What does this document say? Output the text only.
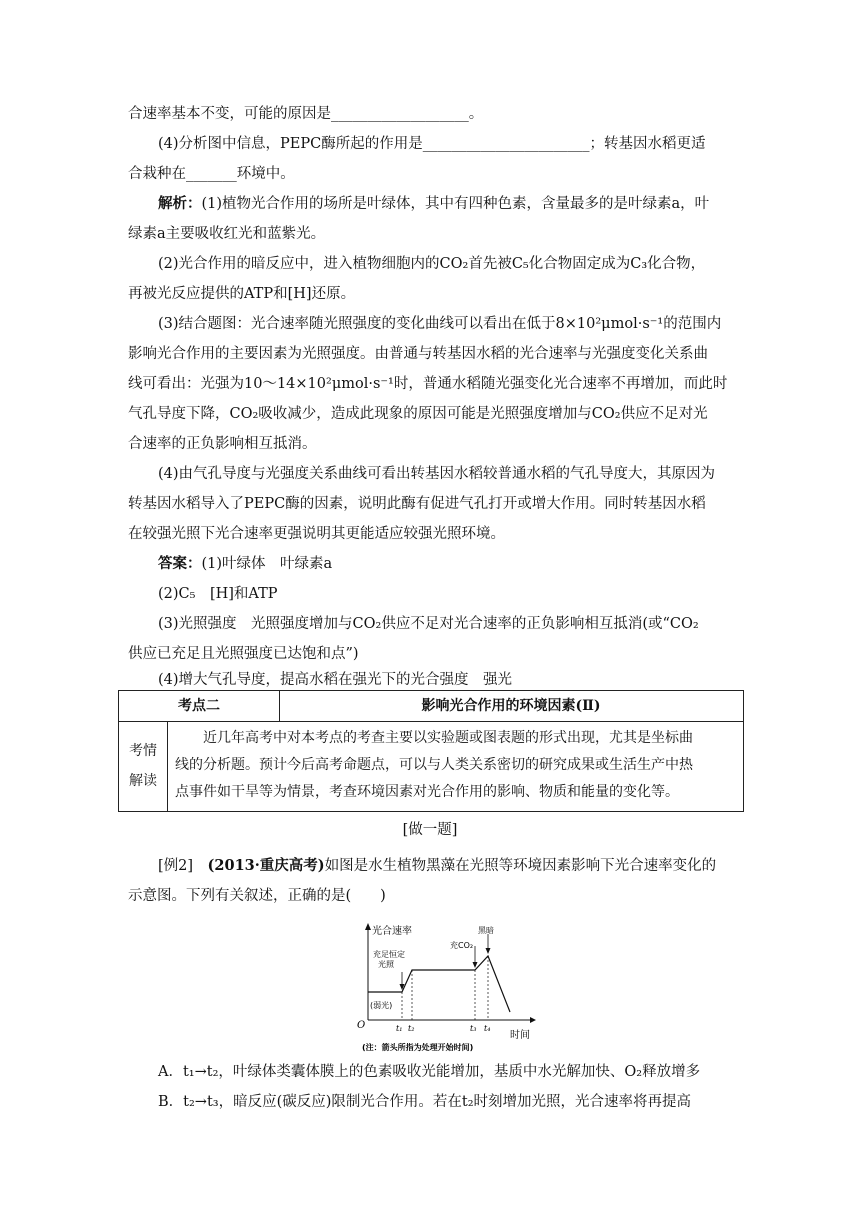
合速率基本不变，可能的原因是___________________。
(4)分析图中信息，PEPC酶所起的作用是_______________________；转基因水稻更适
合栽种在_______环境中。
解析：(1)植物光合作用的场所是叶绿体，其中有四种色素，含量最多的是叶绿素a，叶
绿素a主要吸收红光和蓝紫光。
(2)光合作用的暗反应中，进入植物细胞内的CO₂首先被C₅化合物固定成为C₃化合物，
再被光反应提供的ATP和[H]还原。
(3)结合题图：光合速率随光照强度的变化曲线可以看出在低于8×10²μmol·s⁻¹的范围内
影响光合作用的主要因素为光照强度。由普通与转基因水稻的光合速率与光强度变化关系曲
线可看出：光强为10～14×10²μmol·s⁻¹时，普通水稻随光强变化光合速率不再增加，而此时
气孔导度下降，CO₂吸收减少，造成此现象的原因可能是光照强度增加与CO₂供应不足对光
合速率的正负影响相互抵消。
(4)由气孔导度与光强度关系曲线可看出转基因水稻较普通水稻的气孔导度大，其原因为
转基因水稻导入了PEPC酶的因素，说明此酶有促进气孔打开或增大作用。同时转基因水稻
在较强光照下光合速率更强说明其更能适应较强光照环境。
答案：(1)叶绿体　叶绿素a
(2)C₅　[H]和ATP
(3)光照强度　光照强度增加与CO₂供应不足对光合速率的正负影响相互抵消(或“CO₂
供应已充足且光照强度已达饱和点”)
(4)增大气孔导度，提高水稻在强光下的光合强度　强光
考点二	影响光合作用的环境因素(Ⅱ)
考情
解读
近几年高考中对本考点的考查主要以实验题或图表题的形式出现，尤其是坐标曲
线的分析题。预计今后高考命题点，可以与人类关系密切的研究成果或生活生产中热
点事件如干旱等为情景，考查环境因素对光合作用的影响、物质和能量的变化等。
[做一题]
[例2]　 (2013·重庆高考)如图是水生植物黑藻在光照等环境因素影响下光合速率变化的
示意图。下列有关叙述，正确的是(　　)
光合速率
时间
O	t₁ t₂	t₃ t₄
充足恒定
光照
充CO₂
黑暗
(弱光)
(注：箭头所指为处理开始时间)
A．t₁→t₂，叶绿体类囊体膜上的色素吸收光能增加，基质中水光解加快、O₂释放增多
B．t₂→t₃，暗反应(碳反应)限制光合作用。若在t₂时刻增加光照，光合速率将再提高
